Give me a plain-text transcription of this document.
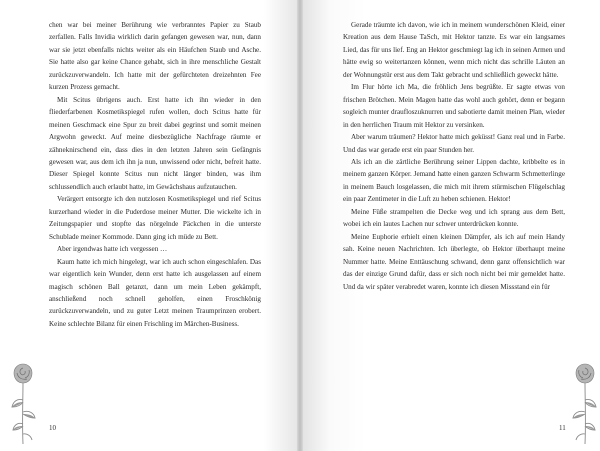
chen war bei meiner Berührung wie verbranntes Papier zu Staub zerfallen. Falls Invidia wirklich darin gefangen gewesen war, nun, dann war sie jetzt ebenfalls nichts weiter als ein Häufchen Staub und Asche. Sie hatte also gar keine Chance gehabt, sich in ihre menschliche Gestalt zurückzuverwandeln. Ich hatte mit der gefürchteten dreizehnten Fee kurzen Prozess gemacht.

Mit Scitus übrigens auch. Erst hatte ich ihn wieder in den fliederfarbenen Kosmetikspiegel rufen wollen, doch Scitus hatte für meinen Geschmack eine Spur zu breit dabei gegrinst und somit meinen Argwohn geweckt. Auf meine diesbezügliche Nachfrage räumte er zähneknirschend ein, dass dies in den letzten Jahren sein Gefängnis gewesen war, aus dem ich ihn ja nun, unwissend oder nicht, befreit hatte. Dieser Spiegel konnte Scitus nun nicht länger binden, was ihm schlussendlich auch erlaubt hatte, im Gewächshaus aufzutauchen.

Verärgert entsorgte ich den nutzlosen Kosmetikspiegel und rief Scitus kurzerhand wieder in die Puderdose meiner Mutter. Die wickelte ich in Zeitungspapier und stopfte das nörgelnde Päckchen in die unterste Schublade meiner Kommode. Dann ging ich müde zu Bett.

Aber irgendwas hatte ich vergessen …

Kaum hatte ich mich hingelegt, war ich auch schon eingeschlafen. Das war eigentlich kein Wunder, denn erst hatte ich ausgelassen auf einem magisch schönen Ball getanzt, dann um mein Leben gekämpft, anschließend noch schnell geholfen, einen Froschkönig zurückzuverwandeln, und zu guter Letzt meinen Traumprinzen erobert. Keine schlechte Bilanz für einen Frischling im Märchen-Business.

10

Gerade träumte ich davon, wie ich in meinem wunderschönen Kleid, einer Kreation aus dem Hause TaSch, mit Hektor tanzte. Es war ein langsames Lied, das für uns lief. Eng an Hektor geschmiegt lag ich in seinen Armen und hätte ewig so weitertanzen können, wenn mich nicht das schrille Läuten an der Wohnungstür erst aus dem Takt gebracht und schließlich geweckt hätte.

Im Flur hörte ich Ma, die fröhlich Jens begrüßte. Er sagte etwas von frischen Brötchen. Mein Magen hatte das wohl auch gehört, denn er begann sogleich munter draufloszuknurren und sabotierte damit meinen Plan, wieder in den herrlichen Traum mit Hektor zu versinken.

Aber warum träumen? Hektor hatte mich geküsst! Ganz real und in Farbe. Und das war gerade erst ein paar Stunden her.

Als ich an die zärtliche Berührung seiner Lippen dachte, kribbelte es in meinem ganzen Körper. Jemand hatte einen ganzen Schwarm Schmetterlinge in meinem Bauch losgelassen, die mich mit ihrem stürmischen Flügelschlag ein paar Zentimeter in die Luft zu heben schienen. Hektor!

Meine Füße strampelten die Decke weg und ich sprang aus dem Bett, wobei ich ein lautes Lachen nur schwer unterdrücken konnte.

Meine Euphorie erhielt einen kleinen Dämpfer, als ich auf mein Handy sah. Keine neuen Nachrichten. Ich überlegte, ob Hektor überhaupt meine Nummer hatte. Meine Enttäuschung schwand, denn ganz offensichtlich war das der einzige Grund dafür, dass er sich noch nicht bei mir gemeldet hatte. Und da wir später verabredet waren, konnte ich diesen Missstand ein für

11
